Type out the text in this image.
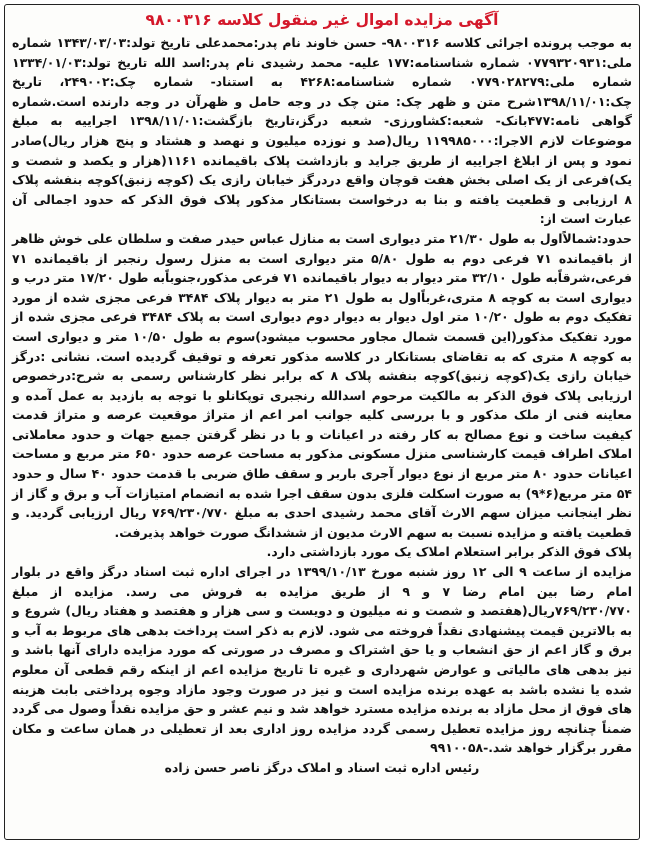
آگهی مزایده اموال غیر منقول کلاسه ۹۸۰۰۳۱۶

به موجب پرونده اجرائی کلاسه ۹۸۰۰۳۱۶- حسن خاوند نام پدر:محمدعلی تاریخ تولد:۱۳۴۳/۰۳/۰۳ شماره ملی:۰۷۷۹۳۲۰۹۳۱ شماره شناسنامه:۱۷۷ علیه- محمد رشیدی نام پدر:اسد الله تاریخ تولد:۱۳۳۴/۰۱/۰۳ شماره ملی:۰۷۷۹۰۲۸۲۷۹ شماره شناسنامه:۴۲۶۸ به استناد- شماره چک:۲۴۹۰۰۲، تاریخ چک:۱۳۹۸/۱۱/۰۱شرح متن و ظهر چک: متن چک در وجه حامل و ظهرآن در وجه دارنده است.شماره گواهی نامه:۴۷۷بانک- شعبه:کشاورزی- شعبه درگز،تاریخ بازگشت:۱۳۹۸/۱۱/۰۱ اجراییه به مبلغ موضوعات لازم الاجرا:۱۱۹۹۸۵۰۰۰ ریال(صد و نوزده میلیون و نهصد و هشتاد و پنج هزار ریال)صادر نمود و پس از ابلاغ اجراییه از طریق جراید و بازداشت پلاک باقیمانده ۱۱۶۱(هزار و یکصد و شصت و یک)فرعی از یک اصلی بخش هفت قوچان واقع دردرگز خیابان رازی یک (کوچه زنبق)کوچه بنفشه پلاک ۸ ارزیابی و قطعیت یافته و بنا به درخواست بستانکار مذکور پلاک فوق الذکر که حدود اجمالی آن عبارت است از:

حدود:شمالاًاول به طول ۲۱/۳۰ متر دیواری است به منازل عباس حیدر صفت و سلطان علی خوش ظاهر از باقیمانده ۷۱ فرعی دوم به طول ۵/۸۰ متر دیواری است به منزل رسول رنجبر از باقیمانده ۷۱ فرعی،شرقاًبه طول ۳۲/۱۰ متر دیوار به دیوار باقیمانده ۷۱ فرعی مذکور،جنوباًبه طول ۱۷/۲۰ متر درب و دیواری است به کوچه ۸ متری،غرباًاول به طول ۲۱ متر به دیوار پلاک ۳۴۸۴ فرعی مجزی شده از مورد تفکیک دوم به طول ۱۰/۲۰ متر اول دیوار به دیوار دوم دیواری است به پلاک ۳۴۸۴ فرعی مجزی شده از مورد تفکیک مذکور(این قسمت شمال مجاور محسوب میشود)سوم به طول ۱۰/۵۰ متر و دیواری است به کوچه ۸ متری که به تقاضای بستانکار در کلاسه مذکور تعرفه و توقیف گردیده است. نشانی :درگز خیابان رازی یک(کوچه زنبق)کوچه بنفشه پلاک ۸ که برابر نظر کارشناس رسمی به شرح:درخصوص ارزیابی پلاک فوق الذکر به مالکیت مرحوم اسدالله رنجبری توپکانلو با توجه به بازدید به عمل آمده و معاینه فنی از ملک مذکور و با بررسی کلیه جوانب امر اعم از متراژ موقعیت عرصه و متراژ قدمت کیفیت ساخت و نوع مصالح به کار رفته در اعیانات و با در نظر گرفتن جمیع جهات و حدود معاملاتی املاک اطراف قیمت کارشناسی منزل مسکونی مذکور به مساحت عرصه حدود ۶۵۰ متر مربع و مساحت اعیانات حدود ۸۰ متر مربع از نوع دیوار آجری باربر و سقف طاق ضربی با قدمت حدود ۴۰ سال و حدود ۵۴ متر مربع(۶*۹) به صورت اسکلت فلزی بدون سقف اجرا شده به انضمام امتیازات آب و برق و گاز از نظر اینجانب میزان سهم الارث آقای محمد رشیدی احدی به مبلغ ۷۶۹/۲۳۰/۷۷۰ ریال ارزیابی گردید. و قطعیت یافته و مزایده نسبت به سهم الارث مدیون از ششدانگ صورت خواهد پذیرفت.

پلاک فوق الذکر برابر استعلام املاک یک مورد بازداشتی دارد.

مزایده از ساعت ۹ الی ۱۲ روز شنبه مورخ ۱۳۹۹/۱۰/۱۳ در اجرای اداره ثبت اسناد درگز واقع در بلوار امام رضا بین امام رضا ۷ و ۹ از طریق مزایده به فروش می رسد. مزایده از مبلغ ۷۶۹/۲۳۰/۷۷۰ریال(هفتصد و شصت و نه میلیون و دویست و سی هزار و هفتصد و هفتاد ریال) شروع و به بالاترین قیمت پیشنهادی نقداً فروخته می شود. لازم به ذکر است پرداخت بدهی های مربوط به آب و برق و گاز اعم از حق انشعاب و یا حق اشتراک و مصرف در صورتی که مورد مزایده دارای آنها باشد و نیز بدهی های مالیاتی و عوارض شهرداری و غیره تا تاریخ مزایده اعم از اینکه رقم قطعی آن معلوم شده یا نشده باشد به عهده برنده مزایده است و نیز در صورت وجود مازاد وجوه پرداختی بابت هزینه های فوق از محل مازاد به برنده مزایده مسترد خواهد شد و نیم عشر و حق مزایده نقداً وصول می گردد ضمناً چنانچه روز مزایده تعطیل رسمی گردد مزایده روز اداری بعد از تعطیلی در همان ساعت و مکان مقرر برگزار خواهد شد.-۹۹۱۰۰۵۸

رئیس اداره ثبت اسناد و املاک درگز ناصر حسن زاده
